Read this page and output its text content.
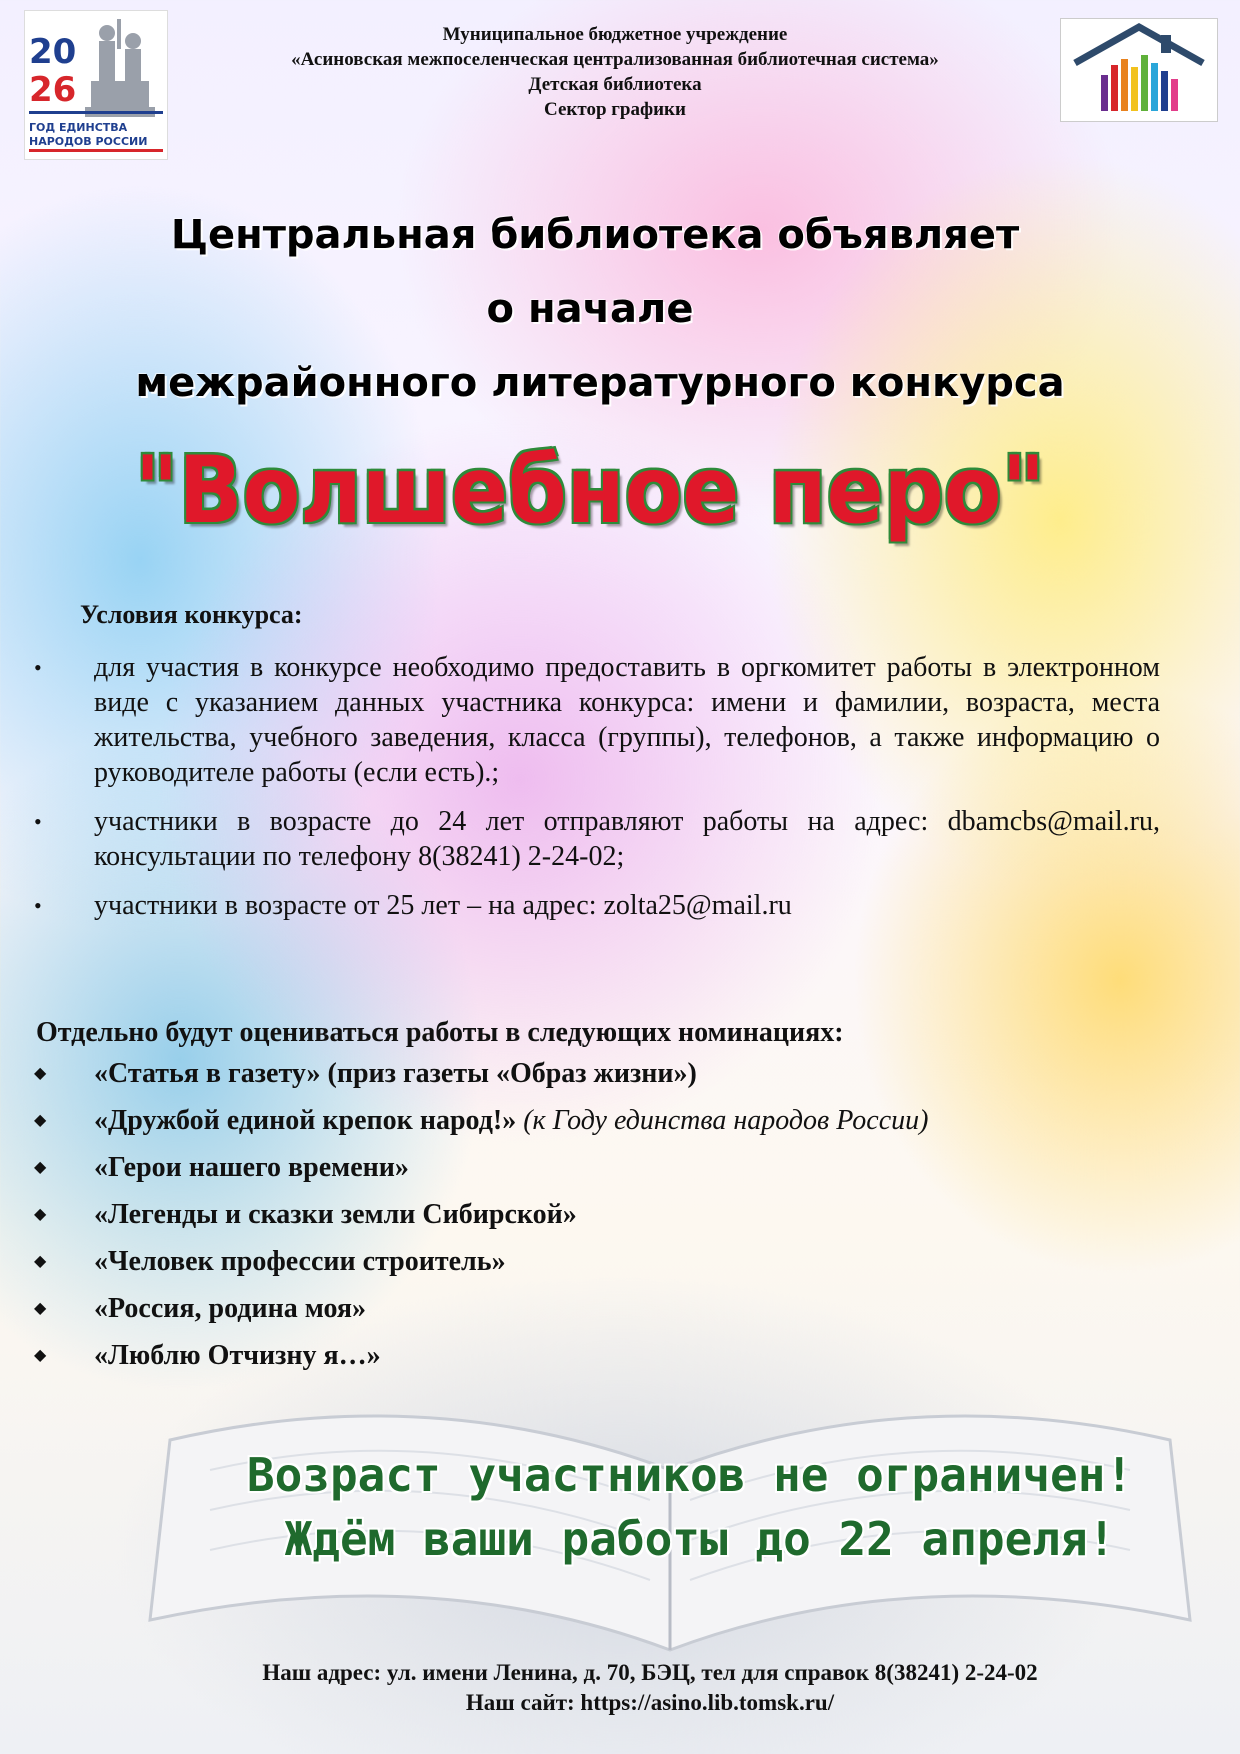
20
26
ГОД ЕДИНСТВА
НАРОДОВ РОССИИ
Муниципальное бюджетное учреждение
«Асиновская межпоселенческая централизованная библиотечная система»
Детская библиотека
Сектор графики
Центральная библиотека объявляет
о начале
межрайонного литературного конкурса
"Волшебное перо"
Условия конкурса:
• для участия в конкурсе необходимо предоставить в оргкомитет работы в электронном виде с указанием данных участника конкурса: имени и фамилии, возраста, места жительства, учебного заведения, класса (группы), телефонов, а также информацию о руководителе работы (если есть).;
• участники в возрасте до 24 лет отправляют работы на адрес: dbamcbs@mail.ru, консультации по телефону 8(38241) 2-24-02;
• участники в возрасте от 25 лет – на адрес: zolta25@mail.ru
Отдельно будут оцениваться работы в следующих номинациях:
◆ «Статья в газету» (приз газеты «Образ жизни»)
◆ «Дружбой единой крепок народ!» (к Году единства народов России)
◆ «Герои нашего времени»
◆ «Легенды и сказки земли Сибирской»
◆ «Человек профессии строитель»
◆ «Россия, родина моя»
◆ «Люблю Отчизну я…»
Возраст участников не ограничен!
Ждём ваши работы до 22 апреля!
Наш адрес: ул. имени Ленина, д. 70, БЭЦ, тел для справок 8(38241) 2-24-02
Наш сайт: https://asino.lib.tomsk.ru/
